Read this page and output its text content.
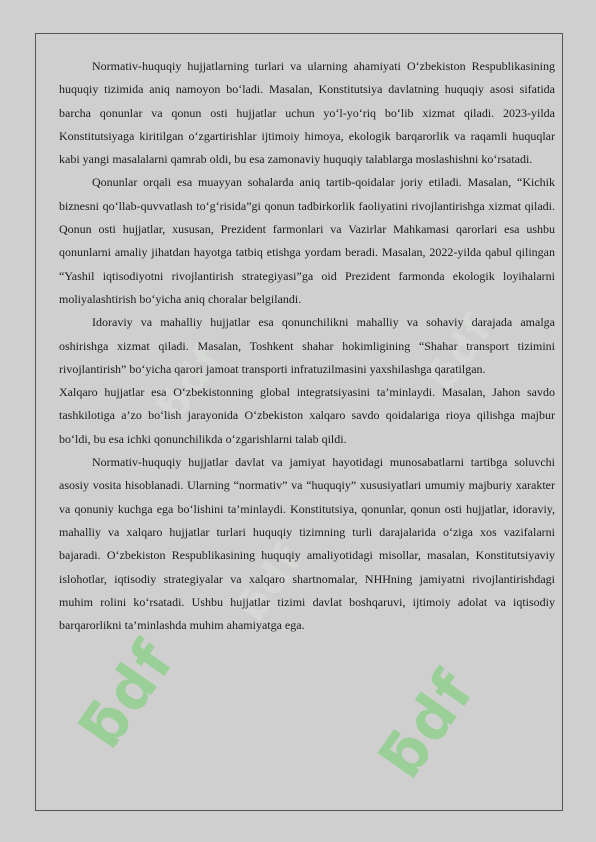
ƃdf	ƃdf
ƃdf	ƃdf
ƃdf

Normativ-huquqiy hujjatlarning turlari va ularning ahamiyati O‘zbekiston Respublikasining huquqiy tizimida aniq namoyon bo‘ladi. Masalan, Konstitutsiya davlatning huquqiy asosi sifatida barcha qonunlar va qonun osti hujjatlar uchun yo‘l-yo‘riq bo‘lib xizmat qiladi. 2023-yilda Konstitutsiyaga kiritilgan o‘zgartirishlar ijtimoiy himoya, ekologik barqarorlik va raqamli huquqlar kabi yangi masalalarni qamrab oldi, bu esa zamonaviy huquqiy talablarga moslashishni ko‘rsatadi.

Qonunlar orqali esa muayyan sohalarda aniq tartib-qoidalar joriy etiladi. Masalan, “Kichik biznesni qo‘llab-quvvatlash to‘g‘risida”gi qonun tadbirkorlik faoliyatini rivojlantirishga xizmat qiladi. Qonun osti hujjatlar, xususan, Prezident farmonlari va Vazirlar Mahkamasi qarorlari esa ushbu qonunlarni amaliy jihatdan hayotga tatbiq etishga yordam beradi. Masalan, 2022-yilda qabul qilingan “Yashil iqtisodiyotni rivojlantirish strategiyasi”ga oid Prezident farmonda ekologik loyihalarni moliyalashtirish bo‘yicha aniq choralar belgilandi.

Idoraviy va mahalliy hujjatlar esa qonunchilikni mahalliy va sohaviy darajada amalga oshirishga xizmat qiladi. Masalan, Toshkent shahar hokimligining “Shahar transport tizimini rivojlantirish” bo‘yicha qarori jamoat transporti infratuzilmasini yaxshilashga qaratilgan.

Xalqaro hujjatlar esa O‘zbekistonning global integratsiyasini ta’minlaydi. Masalan, Jahon savdo tashkilotiga a’zo bo‘lish jarayonida O‘zbekiston xalqaro savdo qoidalariga rioya qilishga majbur bo‘ldi, bu esa ichki qonunchilikda o‘zgarishlarni talab qildi.

Normativ-huquqiy hujjatlar davlat va jamiyat hayotidagi munosabatlarni tartibga soluvchi asosiy vosita hisoblanadi. Ularning “normativ” va “huquqiy” xususiyatlari umumiy majburiy xarakter va qonuniy kuchga ega bo‘lishini ta’minlaydi. Konstitutsiya, qonunlar, qonun osti hujjatlar, idoraviy, mahalliy va xalqaro hujjatlar turlari huquqiy tizimning turli darajalarida o‘ziga xos vazifalarni bajaradi. O‘zbekiston Respublikasining huquqiy amaliyotidagi misollar, masalan, Konstitutsiyaviy islohotlar, iqtisodiy strategiyalar va xalqaro shartnomalar, NHHning jamiyatni rivojlantirishdagi muhim rolini ko‘rsatadi. Ushbu hujjatlar tizimi davlat boshqaruvi, ijtimoiy adolat va iqtisodiy barqarorlikni ta’minlashda muhim ahamiyatga ega.
